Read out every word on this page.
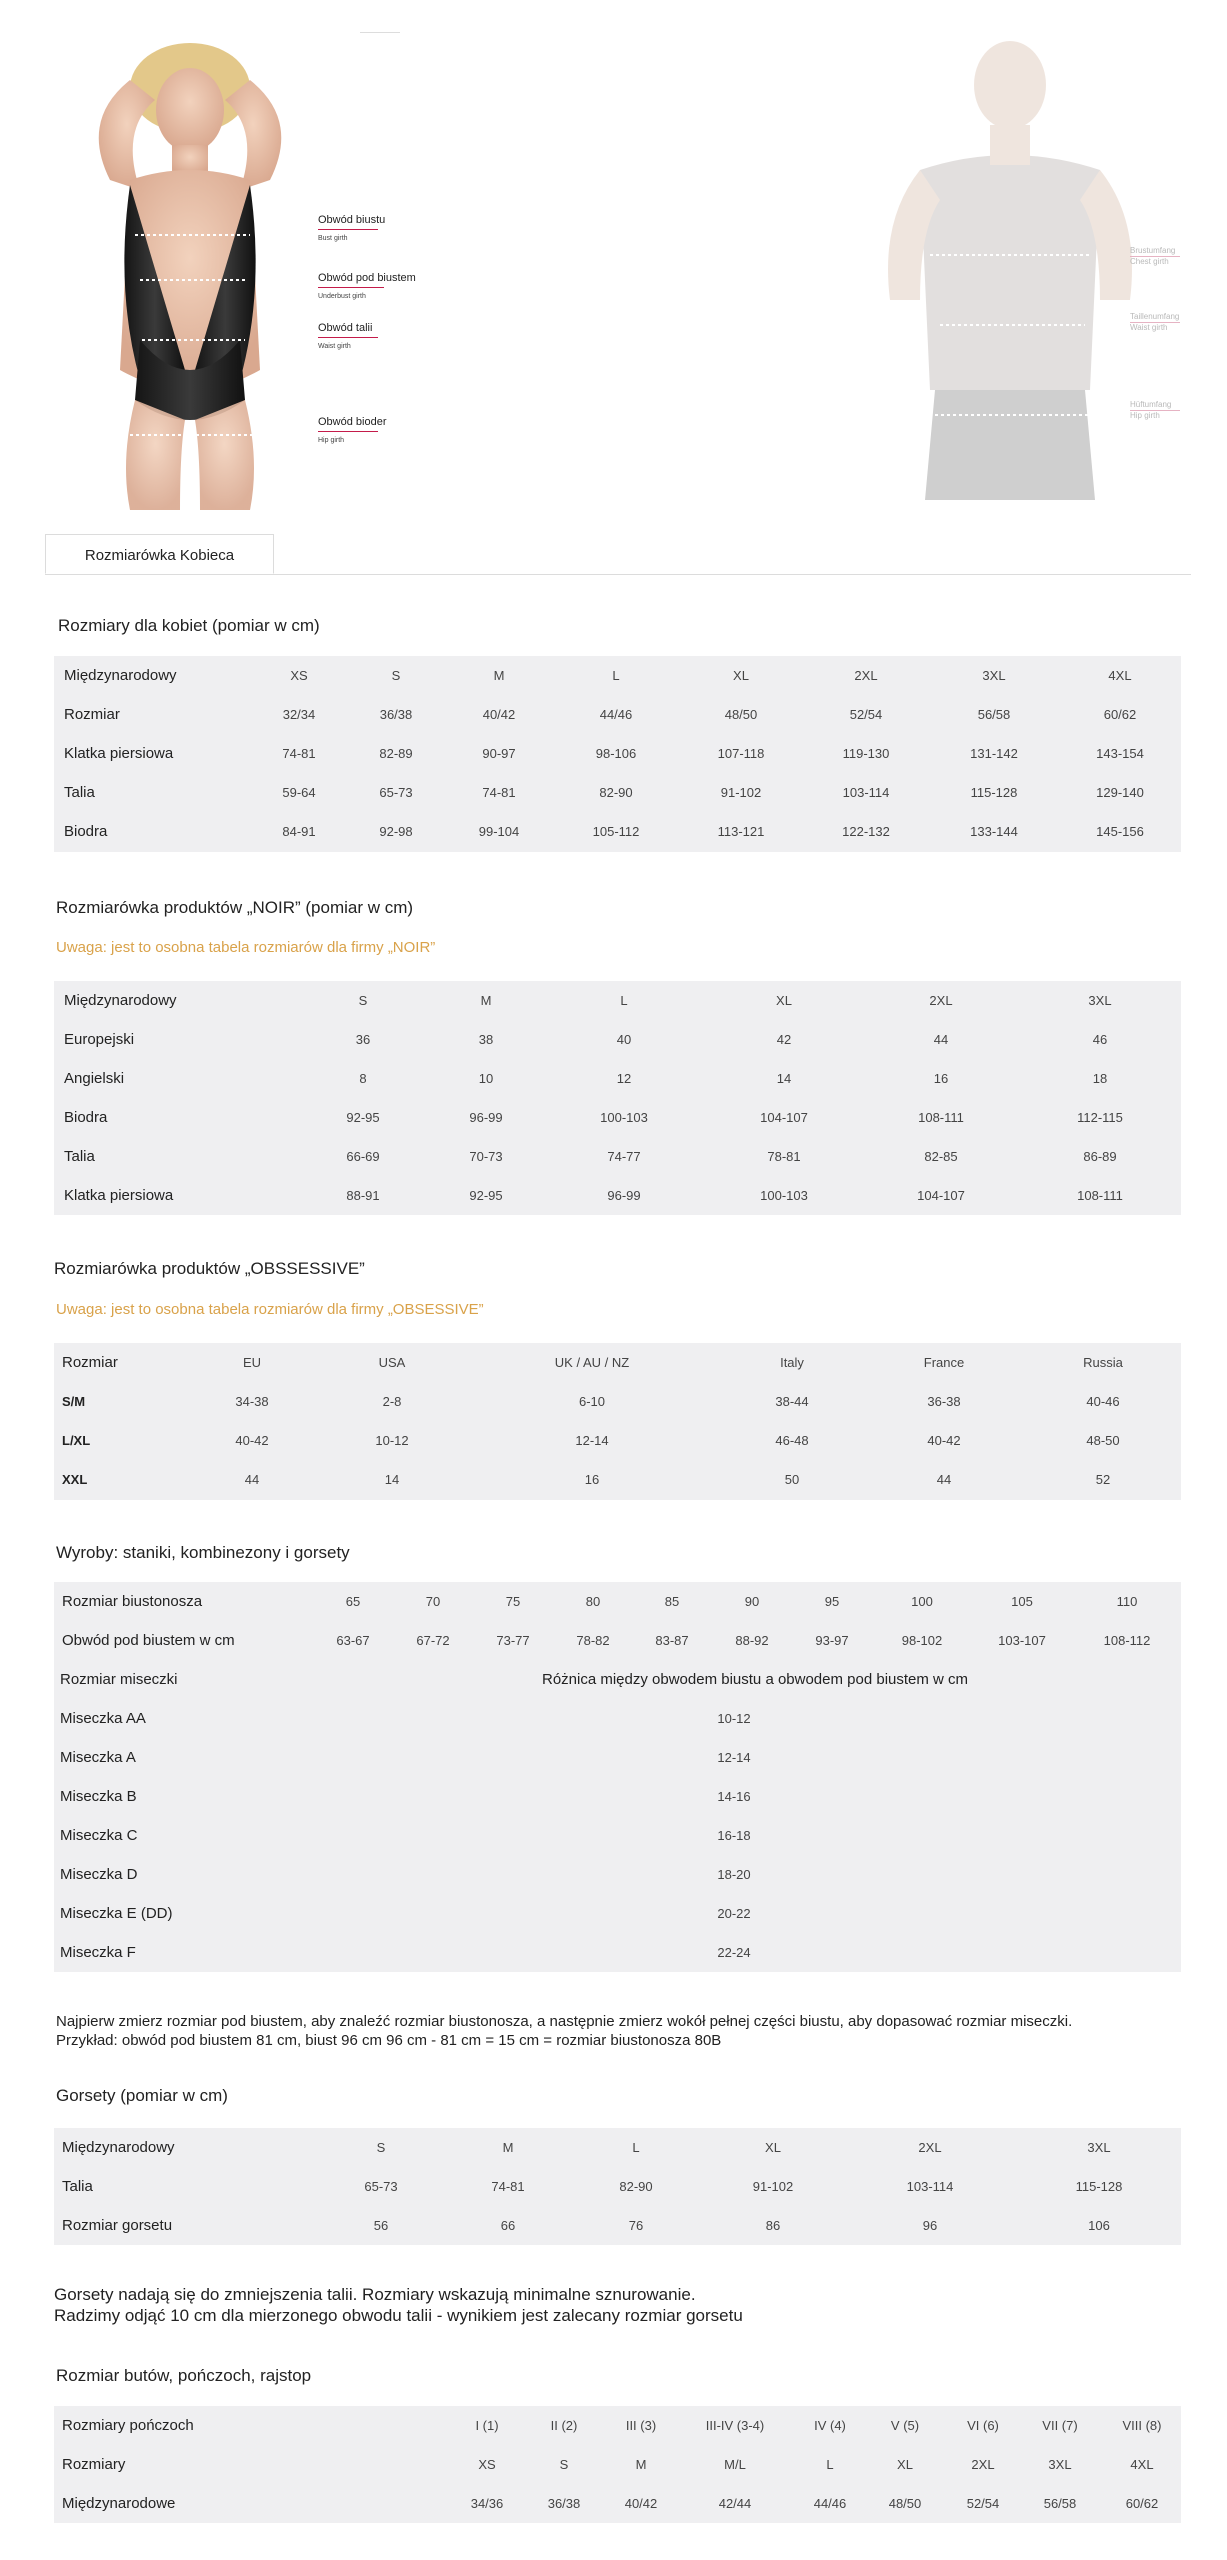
Obwód biustu
Bust girth
Obwód pod biustem
Underbust girth
Obwód talii
Waist girth
Obwód bioder
Hip girth
Brustumfang
Chest girth
Taillenumfang
Waist girth
Hüftumfang
Hip girth
Rozmiarówka Kobieca
Rozmiary dla kobiet (pomiar w cm)
Międzynarodowy	XS	S	M	L	XL	2XL	3XL	4XL
Rozmiar	32/34	36/38	40/42	44/46	48/50	52/54	56/58	60/62
Klatka piersiowa	74-81	82-89	90-97	98-106	107-118	119-130	131-142	143-154
Talia	59-64	65-73	74-81	82-90	91-102	103-114	115-128	129-140
Biodra	84-91	92-98	99-104	105-112	113-121	122-132	133-144	145-156
Rozmiarówka produktów „NOIR” (pomiar w cm)
Uwaga: jest to osobna tabela rozmiarów dla firmy „NOIR”
Międzynarodowy	S	M	L	XL	2XL	3XL
Europejski	36	38	40	42	44	46
Angielski	8	10	12	14	16	18
Biodra	92-95	96-99	100-103	104-107	108-111	112-115
Talia	66-69	70-73	74-77	78-81	82-85	86-89
Klatka piersiowa	88-91	92-95	96-99	100-103	104-107	108-111
Rozmiarówka produktów „OBSSESSIVE”
Uwaga: jest to osobna tabela rozmiarów dla firmy „OBSESSIVE”
Rozmiar	EU	USA	UK / AU / NZ	Italy	France	Russia
S/M	34-38	2-8	6-10	38-44	36-38	40-46
L/XL	40-42	10-12	12-14	46-48	40-42	48-50
XXL	44	14	16	50	44	52
Wyroby: staniki, kombinezony i gorsety
Rozmiar biustonosza	65	70	75	80	85	90	95	100	105	110
Obwód pod biustem w cm	63-67	67-72	73-77	78-82	83-87	88-92	93-97	98-102	103-107	108-112
Rozmiar miseczki	Różnica między obwodem biustu a obwodem pod biustem w cm
Miseczka AA	10-12
Miseczka A	12-14
Miseczka B	14-16
Miseczka C	16-18
Miseczka D	18-20
Miseczka E (DD)	20-22
Miseczka F	22-24
Najpierw zmierz rozmiar pod biustem, aby znaleźć rozmiar biustonosza, a następnie zmierz wokół pełnej części biustu, aby dopasować rozmiar miseczki.
Przykład: obwód pod biustem 81 cm, biust 96 cm 96 cm - 81 cm = 15 cm = rozmiar biustonosza 80B
Gorsety (pomiar w cm)
Międzynarodowy	S	M	L	XL	2XL	3XL
Talia	65-73	74-81	82-90	91-102	103-114	115-128
Rozmiar gorsetu	56	66	76	86	96	106
Gorsety nadają się do zmniejszenia talii. Rozmiary wskazują minimalne sznurowanie.
Radzimy odjąć 10 cm dla mierzonego obwodu talii - wynikiem jest zalecany rozmiar gorsetu
Rozmiar butów, pończoch, rajstop
Rozmiary pończoch	I (1)	II (2)	III (3)	III-IV (3-4)	IV (4)	V (5)	VI (6)	VII (7)	VIII (8)
Rozmiary	XS	S	M	M/L	L	XL	2XL	3XL	4XL
Międzynarodowe	34/36	36/38	40/42	42/44	44/46	48/50	52/54	56/58	60/62
